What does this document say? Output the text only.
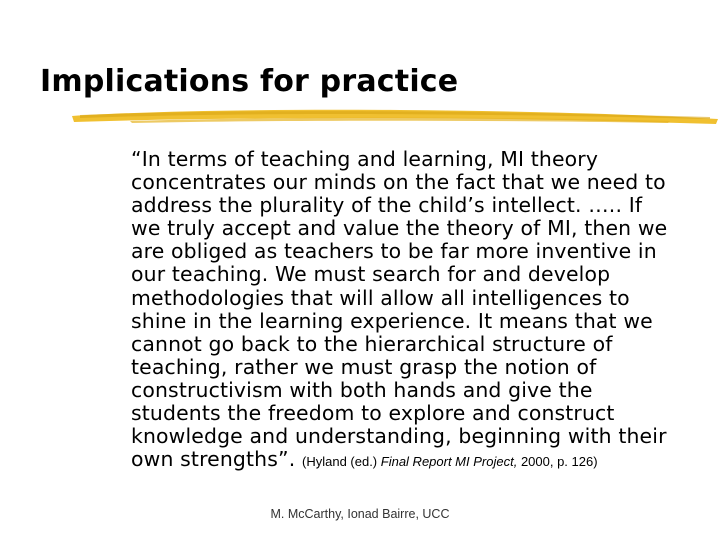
Implications for practice
“In terms of teaching and learning, MI theory
concentrates our minds on the fact that we need to
address the plurality of the child’s intellect. ….. If
we truly accept and value the theory of MI, then we
are obliged as teachers to be far more inventive in
our teaching. We must search for and develop
methodologies that will allow all intelligences to
shine in the learning experience. It means that we
cannot go back to the hierarchical structure of
teaching, rather we must grasp the notion of
constructivism with both hands and give the
students the freedom to explore and construct
knowledge and understanding, beginning with their
own strengths”. (Hyland (ed.) Final Report MI Project, 2000, p. 126)

M. McCarthy, Ionad Bairre, UCC
